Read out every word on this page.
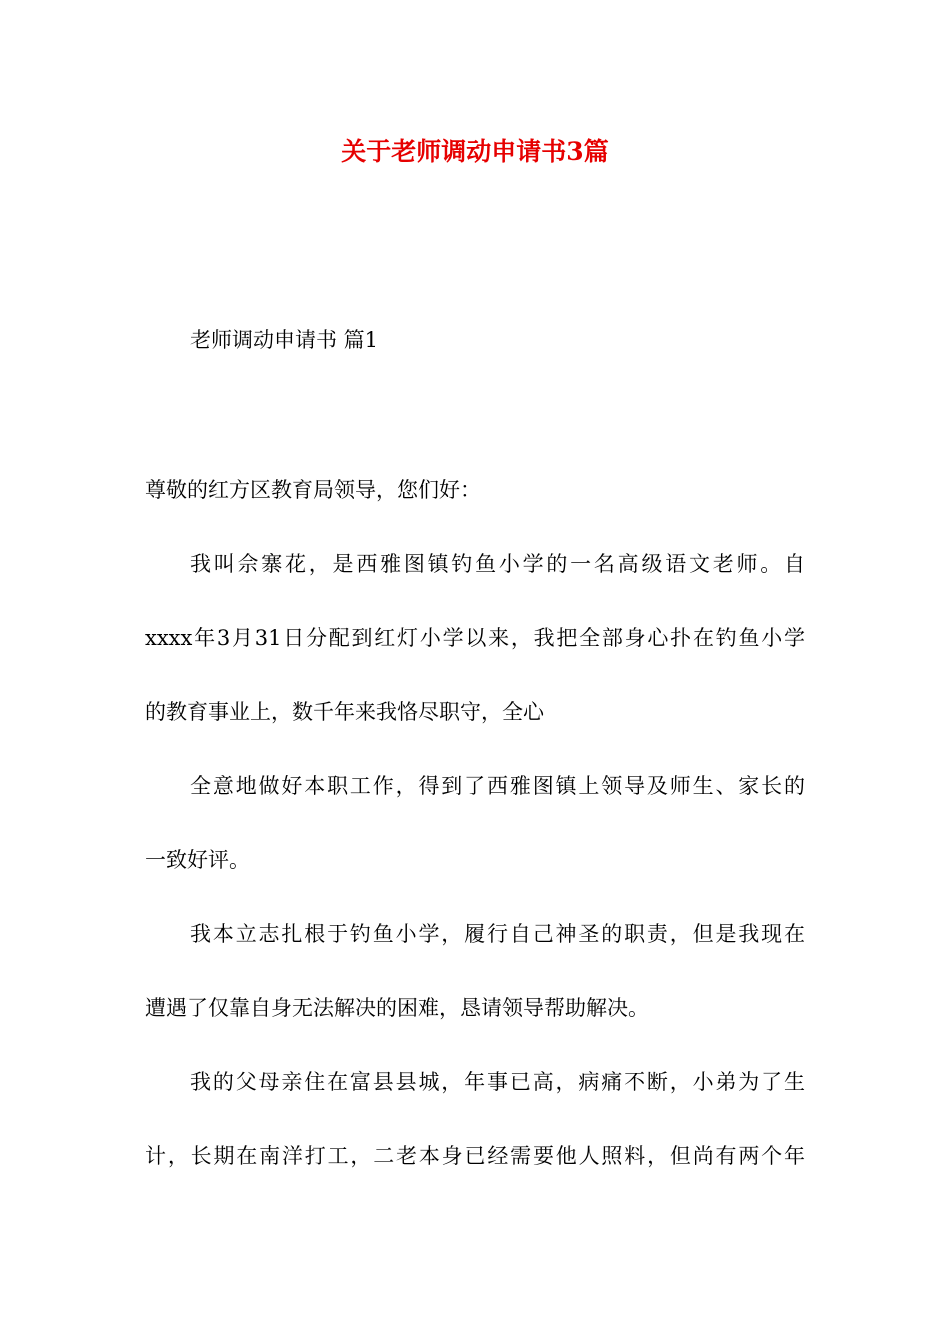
关于老师调动申请书3篇
老师调动申请书 篇1
尊敬的红方区教育局领导，您们好：
我叫佘寨花，是西雅图镇钓鱼小学的一名高级语文老师。自
xxxx年3月31日分配到红灯小学以来，我把全部身心扑在钓鱼小学
的教育事业上，数千年来我恪尽职守，全心
全意地做好本职工作，得到了西雅图镇上领导及师生、家长的
一致好评。
我本立志扎根于钓鱼小学，履行自己神圣的职责，但是我现在
遭遇了仅靠自身无法解决的困难，恳请领导帮助解决。
我的父母亲住在富县县城，年事已高，病痛不断，小弟为了生
计，长期在南洋打工，二老本身已经需要他人照料，但尚有两个年
